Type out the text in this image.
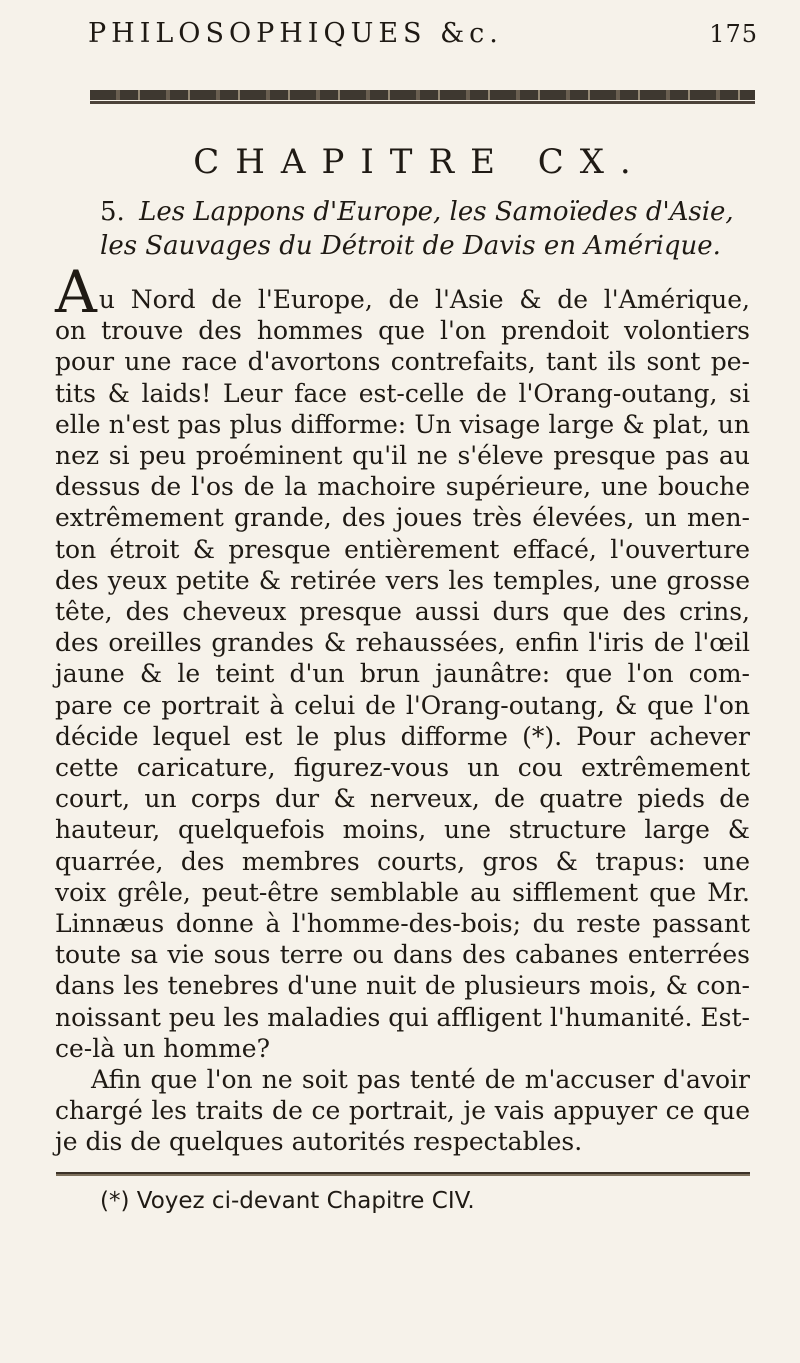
PHILOSOPHIQUES &c.	175
CHAPITRE CX.
5. Les Lappons d'Europe, les Samoïedes d'Asie, les Sauvages du Détroit de Davis en Amérique.
Au Nord de l'Europe, de l'Asie & de l'Amérique,
on trouve des hommes que l'on prendoit volontiers
pour une race d'avortons contrefaits, tant ils sont pe-
tits & laids! Leur face est-celle de l'Orang-outang, si
elle n'est pas plus difforme: Un visage large & plat, un
nez si peu proéminent qu'il ne s'éleve presque pas au
dessus de l'os de la machoire supérieure, une bouche
extrêmement grande, des joues très élevées, un men-
ton étroit & presque entièrement effacé, l'ouverture
des yeux petite & retirée vers les temples, une grosse
tête, des cheveux presque aussi durs que des crins,
des oreilles grandes & rehaussées, enfin l'iris de l'œil
jaune & le teint d'un brun jaunâtre: que l'on com-
pare ce portrait à celui de l'Orang-outang, & que l'on
décide lequel est le plus difforme (*). Pour achever
cette caricature, figurez-vous un cou extrêmement
court, un corps dur & nerveux, de quatre pieds de
hauteur, quelquefois moins, une structure large &
quarrée, des membres courts, gros & trapus: une
voix grêle, peut-être semblable au sifflement que Mr.
Linnæus donne à l'homme-des-bois; du reste passant
toute sa vie sous terre ou dans des cabanes enterrées
dans les tenebres d'une nuit de plusieurs mois, & con-
noissant peu les maladies qui affligent l'humanité. Est-
ce-là un homme?
Afin que l'on ne soit pas tenté de m'accuser d'avoir
chargé les traits de ce portrait, je vais appuyer ce que
je dis de quelques autorités respectables.
(*) Voyez ci-devant Chapitre CIV.
